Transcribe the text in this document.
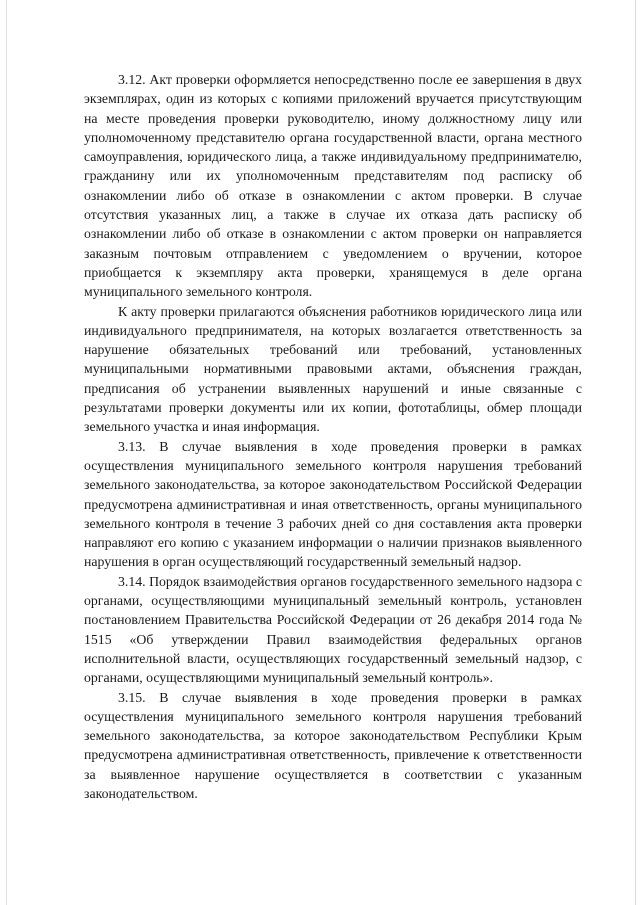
3.12. Акт проверки оформляется непосредственно после ее завершения в двух экземплярах, один из которых с копиями приложений вручается присутствующим на месте проведения проверки руководителю, иному должностному лицу или уполномоченному представителю органа государственной власти, органа местного самоуправления, юридического лица, а также индивидуальному предпринимателю, гражданину или их уполномоченным представителям под расписку об ознакомлении либо об отказе в ознакомлении с актом проверки. В случае отсутствия указанных лиц, а также в случае их отказа дать расписку об ознакомлении либо об отказе в ознакомлении с актом проверки он направляется заказным почтовым отправлением с уведомлением о вручении, которое приобщается к экземпляру акта проверки, хранящемуся в деле органа муниципального земельного контроля.

К акту проверки прилагаются объяснения работников юридического лица или индивидуального предпринимателя, на которых возлагается ответственность за нарушение обязательных требований или требований, установленных муниципальными нормативными правовыми актами, объяснения граждан, предписания об устранении выявленных нарушений и иные связанные с результатами проверки документы или их копии, фототаблицы, обмер площади земельного участка и иная информация.

3.13. В случае выявления в ходе проведения проверки в рамках осуществления муниципального земельного контроля нарушения требований земельного законодательства, за которое законодательством Российской Федерации предусмотрена административная и иная ответственность, органы муниципального земельного контроля в течение 3 рабочих дней со дня составления акта проверки направляют его копию с указанием информации о наличии признаков выявленного нарушения в орган осуществляющий государственный земельный надзор.

3.14. Порядок взаимодействия органов государственного земельного надзора с органами, осуществляющими муниципальный земельный контроль, установлен постановлением Правительства Российской Федерации от 26 декабря 2014 года № 1515 «Об утверждении Правил взаимодействия федеральных органов исполнительной власти, осуществляющих государственный земельный надзор, с органами, осуществляющими муниципальный земельный контроль».

3.15. В случае выявления в ходе проведения проверки в рамках осуществления муниципального земельного контроля нарушения требований земельного законодательства, за которое законодательством Республики Крым предусмотрена административная ответственность, привлечение к ответственности за выявленное нарушение осуществляется в соответствии с указанным законодательством.
